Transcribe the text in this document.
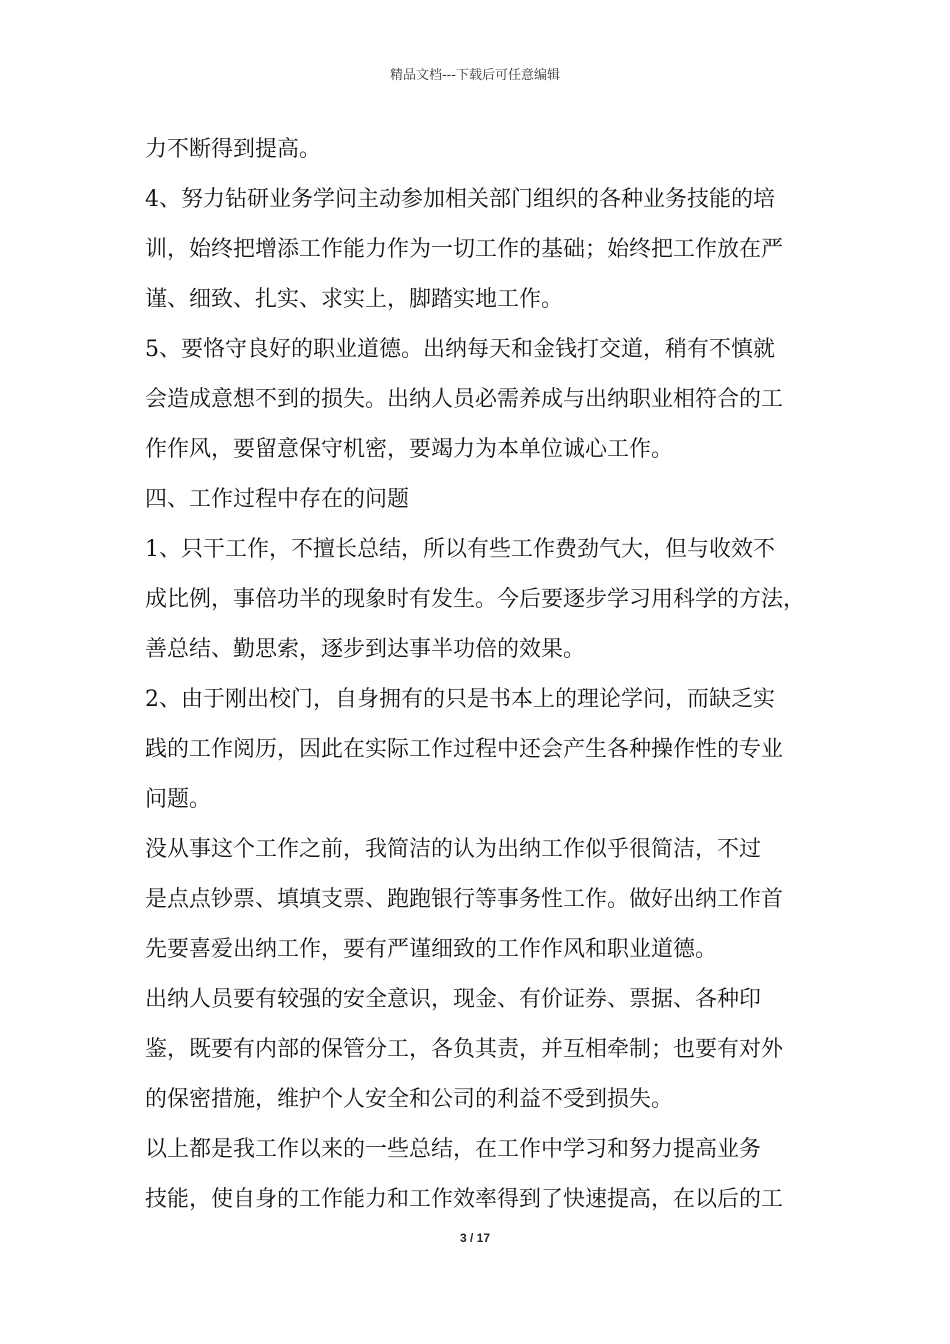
精品文档---下载后可任意编辑
力不断得到提高。
4、努力钻研业务学问主动参加相关部门组织的各种业务技能的培
训，始终把增添工作能力作为一切工作的基础；始终把工作放在严
谨、细致、扎实、求实上，脚踏实地工作。
5、要恪守良好的职业道德。出纳每天和金钱打交道，稍有不慎就
会造成意想不到的损失。出纳人员必需养成与出纳职业相符合的工
作作风，要留意保守机密，要竭力为本单位诚心工作。
四、工作过程中存在的问题
1、只干工作，不擅长总结，所以有些工作费劲气大，但与收效不
成比例，事倍功半的现象时有发生。今后要逐步学习用科学的方法，
善总结、勤思索，逐步到达事半功倍的效果。
2、由于刚出校门，自身拥有的只是书本上的理论学问，而缺乏实
践的工作阅历，因此在实际工作过程中还会产生各种操作性的专业
问题。
没从事这个工作之前，我简洁的认为出纳工作似乎很简洁，不过
是点点钞票、填填支票、跑跑银行等事务性工作。做好出纳工作首
先要喜爱出纳工作，要有严谨细致的工作作风和职业道德。
出纳人员要有较强的安全意识，现金、有价证券、票据、各种印
鉴，既要有内部的保管分工，各负其责，并互相牵制；也要有对外
的保密措施，维护个人安全和公司的利益不受到损失。
以上都是我工作以来的一些总结，在工作中学习和努力提高业务
技能，使自身的工作能力和工作效率得到了快速提高，在以后的工
3 / 17
